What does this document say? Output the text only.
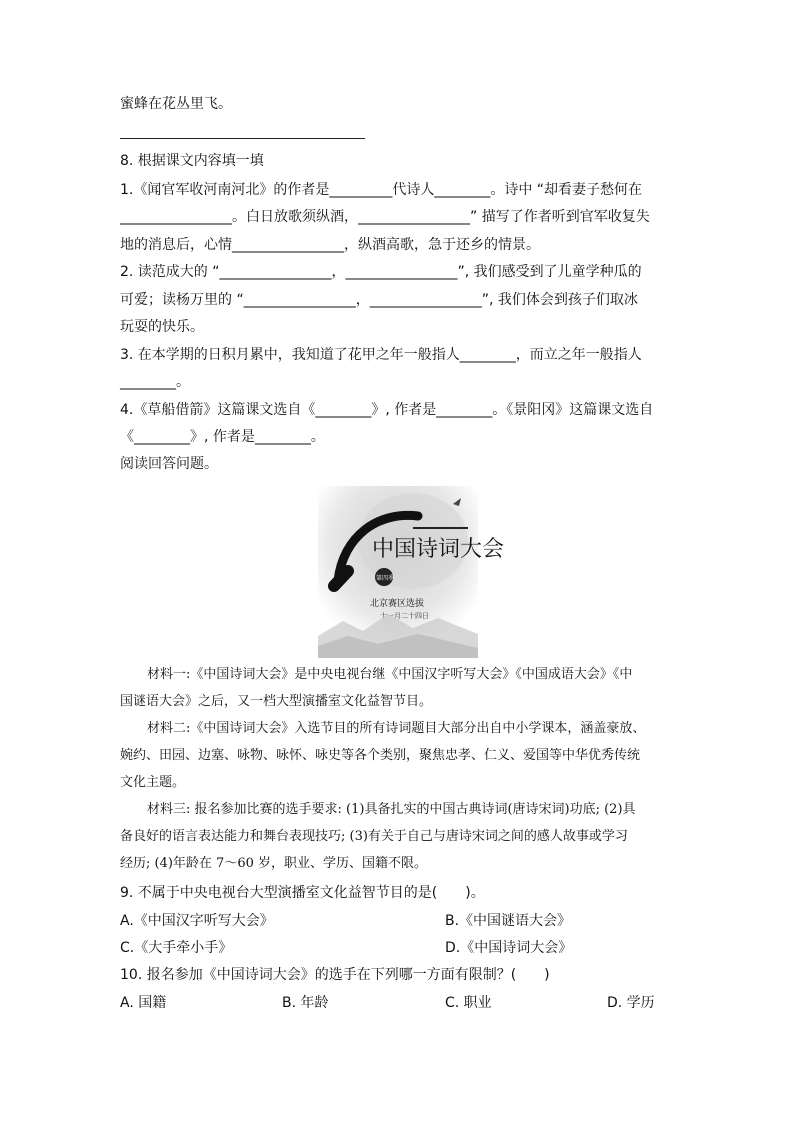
蜜蜂在花丛里飞。
8. 根据课文内容填一填
1.《闻官军收河南河北》的作者是_________代诗人________。诗中 “却看妻子愁何在
________________。白日放歌须纵酒，________________” 描写了作者听到官军收复失
地的消息后，心情________________，纵酒高歌，急于还乡的情景。
2. 读范成大的 “________________，________________”, 我们感受到了儿童学种瓜的
可爱；读杨万里的 “________________，________________”, 我们体会到孩子们取冰
玩耍的快乐。
3. 在本学期的日积月累中，我知道了花甲之年一般指人________，而立之年一般指人
________。
4.《草船借箭》这篇课文选自《________》, 作者是________。《景阳冈》这篇课文选自
《________》, 作者是________。
阅读回答问题。
中国诗词大会
第四季
北京赛区选拔
十一月二十四日
材料一:《中国诗词大会》是中央电视台继《中国汉字听写大会》《中国成语大会》《中
国谜语大会》之后，又一档大型演播室文化益智节目。
材料二:《中国诗词大会》入选节目的所有诗词题目大部分出自中小学课本，涵盖豪放、
婉约、田园、边塞、咏物、咏怀、咏史等各个类别，聚焦忠孝、仁义、爱国等中华优秀传统
文化主题。
材料三: 报名参加比赛的选手要求: (1)具备扎实的中国古典诗词(唐诗宋词)功底; (2)具
备良好的语言表达能力和舞台表现技巧; (3)有关于自己与唐诗宋词之间的感人故事或学习
经历; (4)年龄在 7～60 岁，职业、学历、国籍不限。
9. 不属于中央电视台大型演播室文化益智节目的是(　　)。
A.《中国汉字听写大会》	B.《中国谜语大会》
C.《大手牵小手》	D.《中国诗词大会》
10. 报名参加《中国诗词大会》的选手在下列哪一方面有限制？(　　)
A. 国籍	B. 年龄	C. 职业	D. 学历
